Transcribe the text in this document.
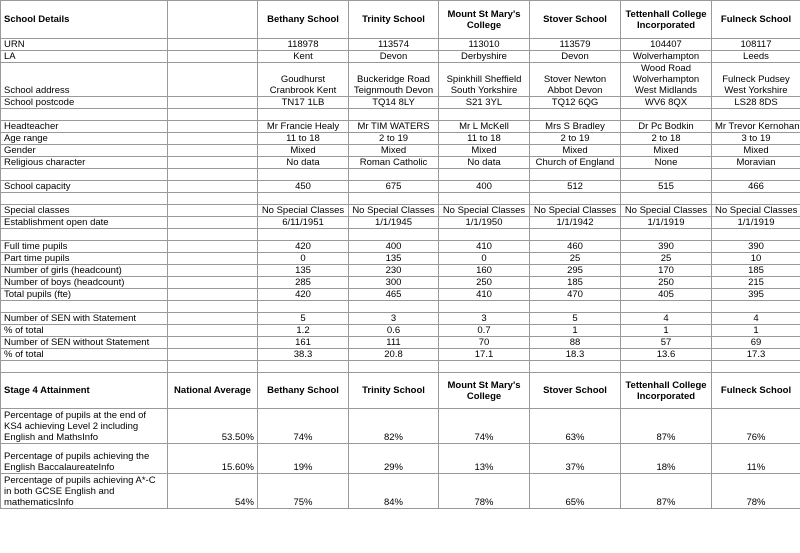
School Details		Bethany School	Trinity School	Mount St Mary's College	Stover School	Tettenhall College Incorporated	Fulneck School
URN		118978	113574	113010	113579	104407	108117
LA		Kent	Devon	Derbyshire	Devon	Wolverhampton	Leeds
School address		Goudhurst Cranbrook Kent	Buckeridge Road Teignmouth Devon	Spinkhill Sheffield South Yorkshire	Stover Newton Abbot Devon	Wood Road Wolverhampton West Midlands	Fulneck Pudsey West Yorkshire
School postcode		TN17 1LB	TQ14 8LY	S21 3YL	TQ12 6QG	WV6 8QX	LS28 8DS

Headteacher		Mr Francie Healy	Mr TIM WATERS	Mr L McKell	Mrs S Bradley	Dr Pc Bodkin	Mr Trevor Kernohan
Age range		11 to 18	2 to 19	11 to 18	2 to 19	2 to 18	3 to 19
Gender		Mixed	Mixed	Mixed	Mixed	Mixed	Mixed
Religious character		No data	Roman Catholic	No data	Church of England	None	Moravian

School capacity		450	675	400	512	515	466

Special classes		No Special Classes	No Special Classes	No Special Classes	No Special Classes	No Special Classes	No Special Classes
Establishment open date		6/11/1951	1/1/1945	1/1/1950	1/1/1942	1/1/1919	1/1/1919

Full time pupils		420	400	410	460	390	390
Part time pupils		0	135	0	25	25	10
Number of girls (headcount)		135	230	160	295	170	185
Number of boys (headcount)		285	300	250	185	250	215
Total pupils (fte)		420	465	410	470	405	395

Number of SEN with Statement		5	3	3	5	4	4
% of total		1.2	0.6	0.7	1	1	1
Number of SEN without Statement		161	111	70	88	57	69
% of total		38.3	20.8	17.1	18.3	13.6	17.3

Stage 4 Attainment	National Average	Bethany School	Trinity School	Mount St Mary's College	Stover School	Tettenhall College Incorporated	Fulneck School
Percentage of pupils at the end of KS4 achieving Level 2 including English and MathsInfo	53.50%	74%	82%	74%	63%	87%	76%
Percentage of pupils achieving the English BaccalaureateInfo	15.60%	19%	29%	13%	37%	18%	11%
Percentage of pupils achieving A*-C in both GCSE English and mathematicsInfo	54%	75%	84%	78%	65%	87%	78%
